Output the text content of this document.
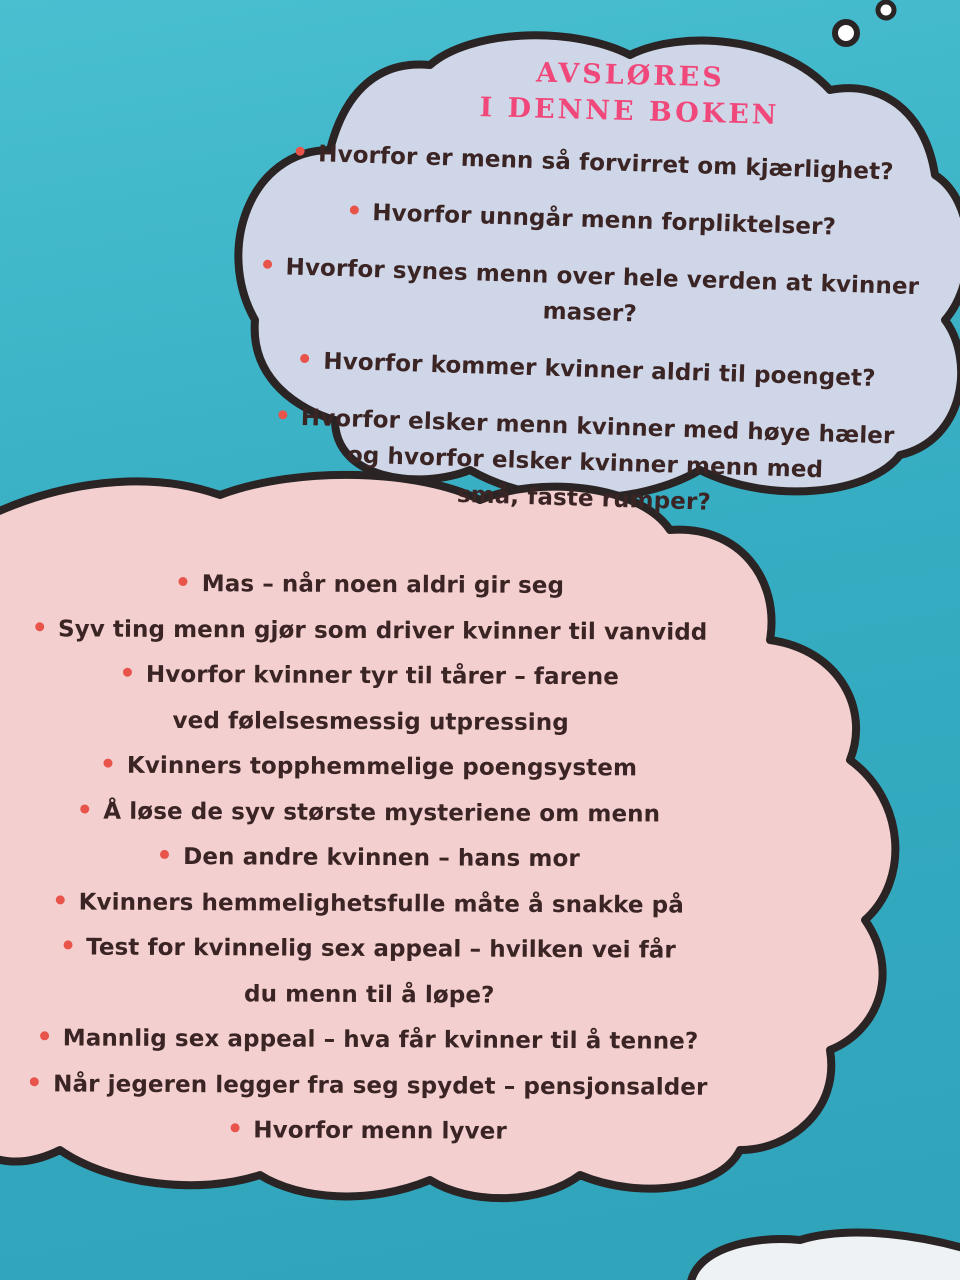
AVSLØRES
I DENNE BOKEN
Hvorfor er menn så forvirret om kjærlighet?
Hvorfor unngår menn forpliktelser?
Hvorfor synes menn over hele verden at kvinner maser?
Hvorfor kommer kvinner aldri til poenget?
Hvorfor elsker menn kvinner med høye hæler
og hvorfor elsker kvinner menn med
små, faste rumper?
Mas – når noen aldri gir seg
Syv ting menn gjør som driver kvinner til vanvidd
Hvorfor kvinner tyr til tårer – farene
ved følelsesmessig utpressing
Kvinners topphemmelige poengsystem
Å løse de syv største mysteriene om menn
Den andre kvinnen – hans mor
Kvinners hemmelighetsfulle måte å snakke på
Test for kvinnelig sex appeal – hvilken vei får
du menn til å løpe?
Mannlig sex appeal – hva får kvinner til å tenne?
Når jegeren legger fra seg spydet – pensjonsalder
Hvorfor menn lyver
